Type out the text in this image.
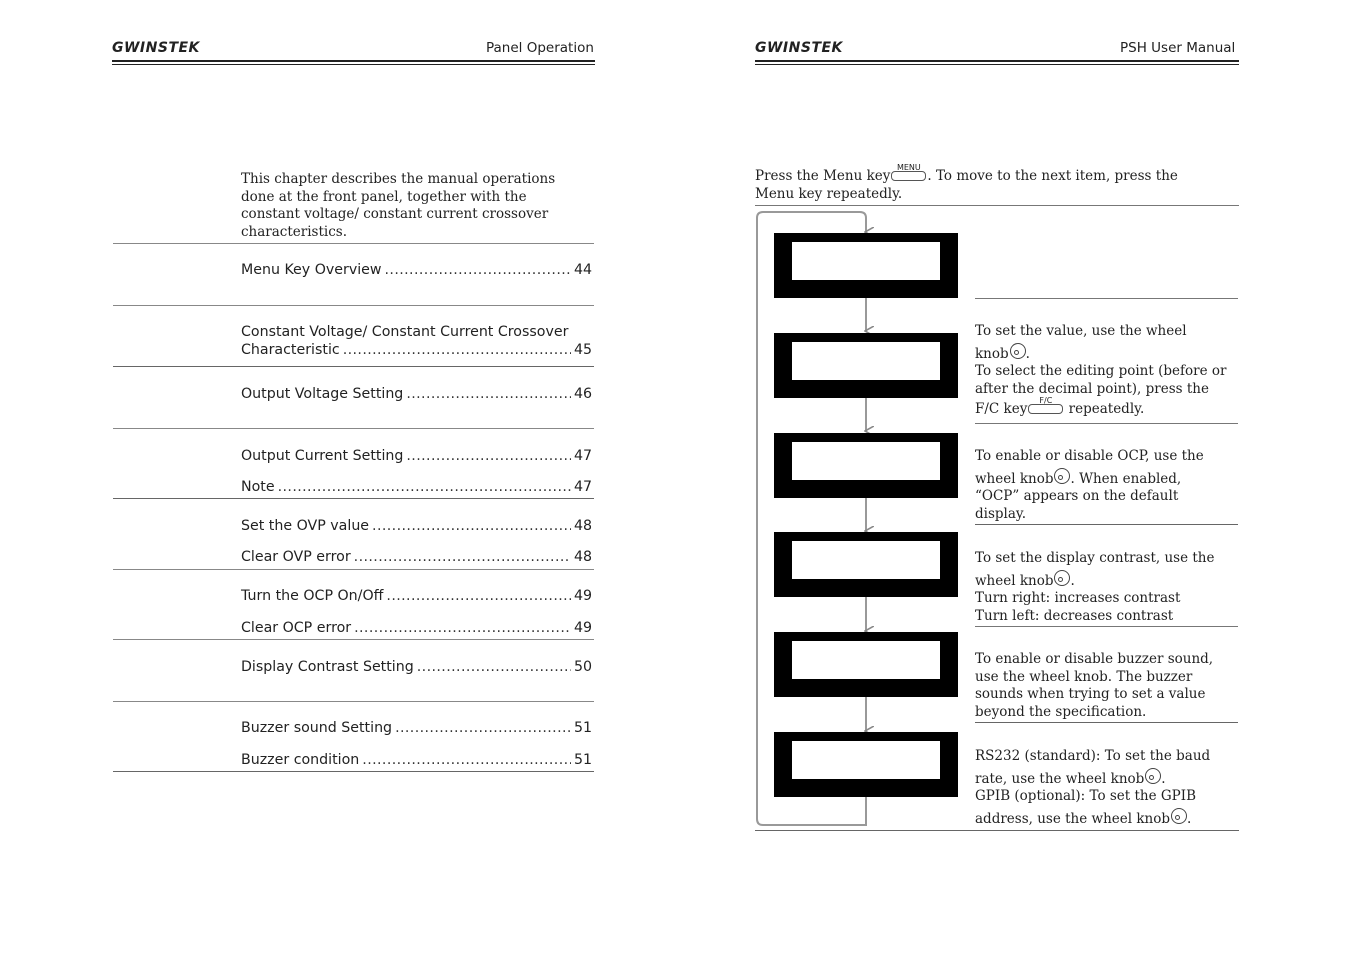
GWINSTEK	Panel Operation
This chapter describes the manual operations done at the front panel, together with the constant voltage/ constant current crossover characteristics.
Menu Key Overview .....	44
Constant Voltage/ Constant Current Crossover
Characteristic .....	45
Output Voltage Setting .....	46
Output Current Setting .....	47
Note .....	47
Set the OVP value .....	48
Clear OVP error .....	48
Turn the OCP On/Off .....	49
Clear OCP error .....	49
Display Contrast Setting .....	50
Buzzer sound Setting .....	51
Buzzer condition .....	51
GWINSTEK	PSH User Manual
Press the Menu key
MENU
. To move to the next item, press the
Menu key repeatedly.
To set the value, use the wheel
knob .
To select the editing point (before or
after the decimal point), press the
F/C key
F/C
repeatedly.
To enable or disable OCP, use the
wheel knob . When enabled,
“OCP” appears on the default
display.
To set the display contrast, use the
wheel knob .
Turn right: increases contrast
Turn left: decreases contrast
To enable or disable buzzer sound,
use the wheel knob. The buzzer
sounds when trying to set a value
beyond the specification.
RS232 (standard): To set the baud
rate, use the wheel knob .
GPIB (optional): To set the GPIB
address, use the wheel knob .
